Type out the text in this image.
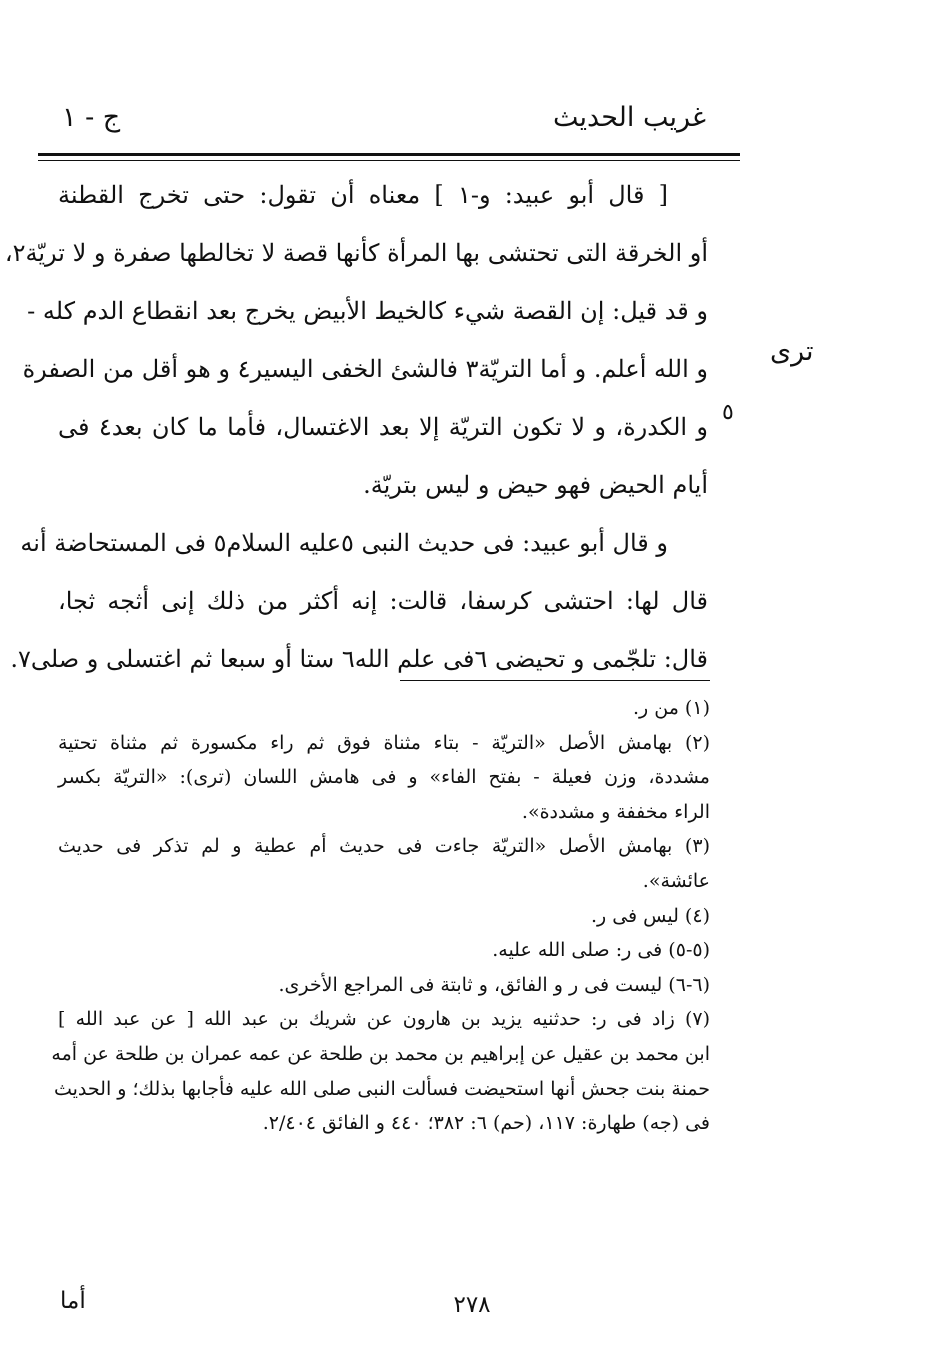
غريب الحديث
ج - ١
ترى
٥
[ قال أبو عبيد: و-١ ] معناه أن تقول: حتى تخرج القطنة
أو الخرقة التى تحتشى بها المرأة كأنها قصة لا تخالطها صفرة و لا تريّة٢،
و قد قيل: إن القصة شيء كالخيط الأبيض يخرج بعد انقطاع الدم كله -
و الله أعلم. و أما التريّة٣ فالشئ الخفى اليسير٤ و هو أقل من الصفرة
و الكدرة، و لا تكون التريّة إلا بعد الاغتسال، فأما ما كان بعد٤ فى
أيام الحيض فهو حيض و ليس بتريّة.
و قال أبو عبيد: فى حديث النبى ٥عليه السلام٥ فى المستحاضة أنه
قال لها: احتشى كرسفا، قالت: إنه أكثر من ذلك إنى أثجه ثجا،
قال: تلجّمى و تحيضى ٦فى علم الله٦ ستا أو سبعا ثم اغتسلى و صلى٧.
(١) من ر.
(٢) بهامش الأصل «التريّة - بتاء مثناة فوق ثم راء مكسورة ثم مثناة تحتية
مشددة، وزن فعيلة - بفتح الفاء» و فى هامش اللسان (ترى): «التريّة بكسر
الراء مخففة و مشددة».
(٣) بهامش الأصل «التريّة جاءت فى حديث أم عطية و لم تذكر فى حديث
عائشة».
(٤) ليس فى ر.
(٥-٥) فى ر: صلى الله عليه.
(٦-٦) ليست فى ر و الفائق، و ثابتة فى المراجع الأخرى.
(٧) زاد فى ر: حدثنيه يزيد بن هارون عن شريك بن عبد الله [ عن عبد الله ]
ابن محمد بن عقيل عن إبراهيم بن محمد بن طلحة عن عمه عمران بن طلحة عن أمه
حمنة بنت جحش أنها استحيضت فسألت النبى صلى الله عليه فأجابها بذلك؛ و الحديث
فى (جه) طهارة: ١١٧، (حم) ٦: ٣٨٢؛ ٤٤٠ و الفائق ٢/٤٠٤.
٢٧٨
أما
